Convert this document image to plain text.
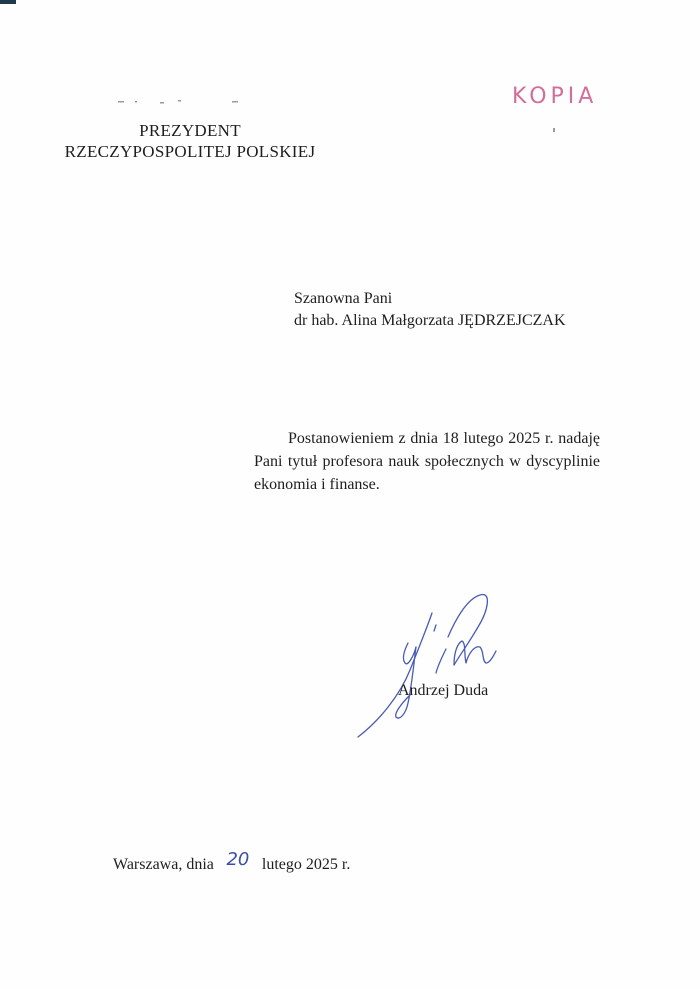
KOPIA
PREZYDENT
RZECZYPOSPOLITEJ POLSKIEJ
Szanowna Pani
dr hab. Alina Małgorzata JĘDRZEJCZAK

Postanowieniem z dnia 18 lutego 2025 r. nadaję Pani tytuł profesora nauk społecznych w dyscyplinie ekonomia i finanse.

Andrzej Duda
Warszawa, dnia 20 lutego 2025 r.
